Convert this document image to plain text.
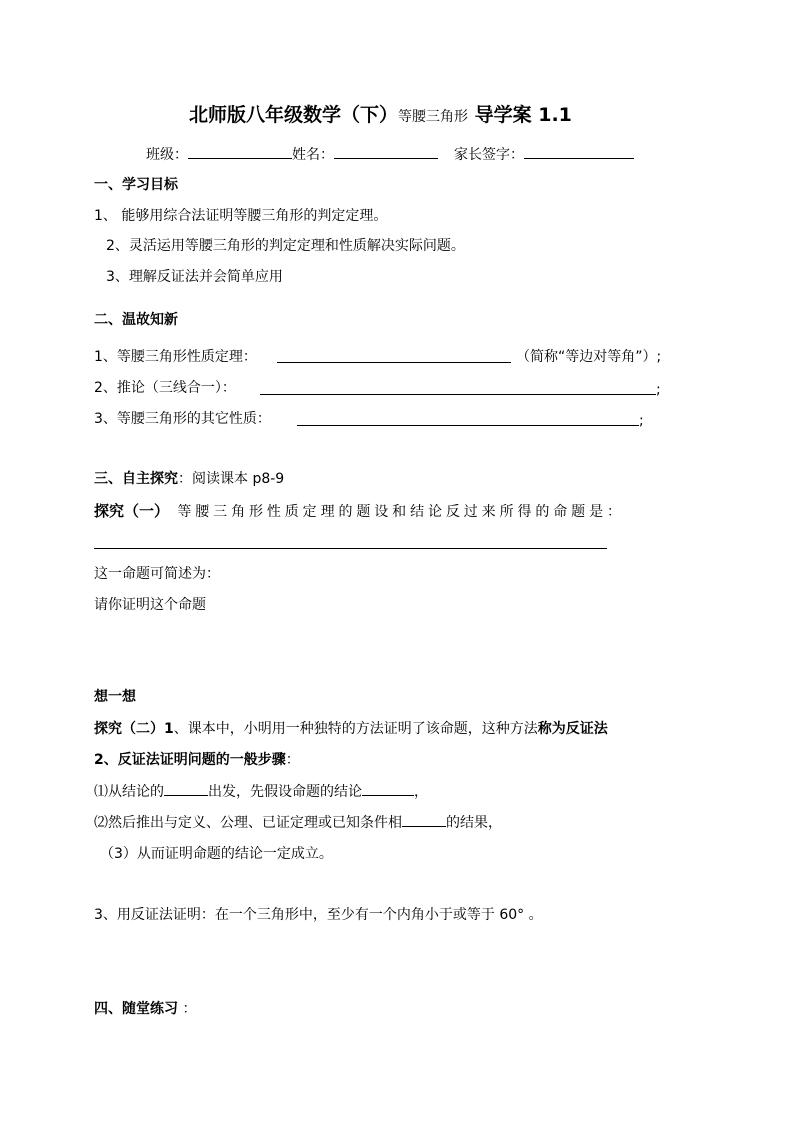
北师版八年级数学（下）等腰三角形 导学案 1.1
班级：	姓名：	家长签字：
一、学习目标
1、 能够用综合法证明等腰三角形的判定定理。
2、灵活运用等腰三角形的判定定理和性质解决实际问题。
3、理解反证法并会简单应用
二、温故知新
1、等腰三角形性质定理：	（简称“等边对等角”）;
2、推论（三线合一）：	;
3、等腰三角形的其它性质：	;
三、自主探究：阅读课本 p8-9
探究（一） 等腰三角形性质定理的题设和结论反过来所得的命题是：
这一命题可简述为：
请你证明这个命题
想一想
探究（二）1、课本中，小明用一种独特的方法证明了该命题，这种方法称为反证法
2、反证法证明问题的一般步骤：
⑴从结论的	出发，先假设命题的结论	，
⑵然后推出与定义、公理、已证定理或已知条件相	的结果，
（3）从而证明命题的结论一定成立。
3、用反证法证明：在一个三角形中，至少有一个内角小于或等于 60° 。
四、随堂练习 ：
